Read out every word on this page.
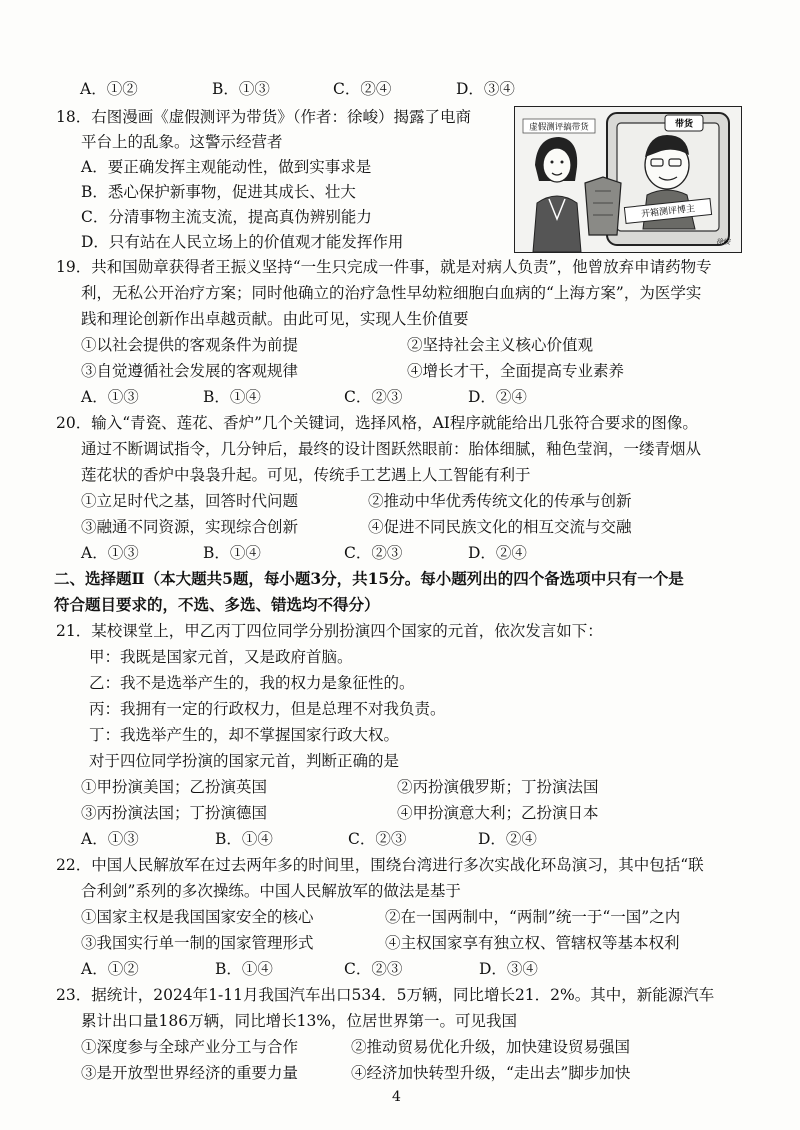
A．①②	B．①③	C．②④	D．③④
18．右图漫画《虚假测评为带货》（作者：徐峻）揭露了电商
平台上的乱象。这警示经营者
A．要正确发挥主观能动性，做到实事求是
B．悉心保护新事物，促进其成长、壮大
C．分清事物主流支流，提高真伪辨别能力
D．只有站在人民立场上的价值观才能发挥作用
虚假测评搞带货	带货
开箱测评博主
徐峻
19．共和国勋章获得者王振义坚持“一生只完成一件事，就是对病人负责”，他曾放弃申请药物专
利，无私公开治疗方案；同时他确立的治疗急性早幼粒细胞白血病的“上海方案”，为医学实
践和理论创新作出卓越贡献。由此可见，实现人生价值要
①以社会提供的客观条件为前提	②坚持社会主义核心价值观
③自觉遵循社会发展的客观规律	④增长才干，全面提高专业素养
A．①③	B．①④	C．②③	D．②④
20．输入“青瓷、莲花、香炉”几个关键词，选择风格，AI程序就能给出几张符合要求的图像。
通过不断调试指令，几分钟后，最终的设计图跃然眼前：胎体细腻，釉色莹润，一缕青烟从
莲花状的香炉中袅袅升起。可见，传统手工艺遇上人工智能有利于
①立足时代之基，回答时代问题	②推动中华优秀传统文化的传承与创新
③融通不同资源，实现综合创新	④促进不同民族文化的相互交流与交融
A．①③	B．①④	C．②③	D．②④
二、选择题Ⅱ（本大题共5题，每小题3分，共15分。每小题列出的四个备选项中只有一个是
符合题目要求的，不选、多选、错选均不得分）
21．某校课堂上，甲乙丙丁四位同学分别扮演四个国家的元首，依次发言如下：
甲：我既是国家元首，又是政府首脑。
乙：我不是选举产生的，我的权力是象征性的。
丙：我拥有一定的行政权力，但是总理不对我负责。
丁：我选举产生的，却不掌握国家行政大权。
对于四位同学扮演的国家元首，判断正确的是
①甲扮演美国；乙扮演英国	②丙扮演俄罗斯；丁扮演法国
③丙扮演法国；丁扮演德国	④甲扮演意大利；乙扮演日本
A．①③	B．①④	C．②③	D．②④
22．中国人民解放军在过去两年多的时间里，围绕台湾进行多次实战化环岛演习，其中包括“联
合利剑”系列的多次操练。中国人民解放军的做法是基于
①国家主权是我国国家安全的核心	②在一国两制中，“两制”统一于“一国”之内
③我国实行单一制的国家管理形式	④主权国家享有独立权、管辖权等基本权利
A．①②	B．①④	C．②③	D．③④
23．据统计，2024年1-11月我国汽车出口534．5万辆，同比增长21．2%。其中，新能源汽车
累计出口量186万辆，同比增长13%，位居世界第一。可见我国
①深度参与全球产业分工与合作	②推动贸易优化升级，加快建设贸易强国
③是开放型世界经济的重要力量	④经济加快转型升级，“走出去”脚步加快
4
